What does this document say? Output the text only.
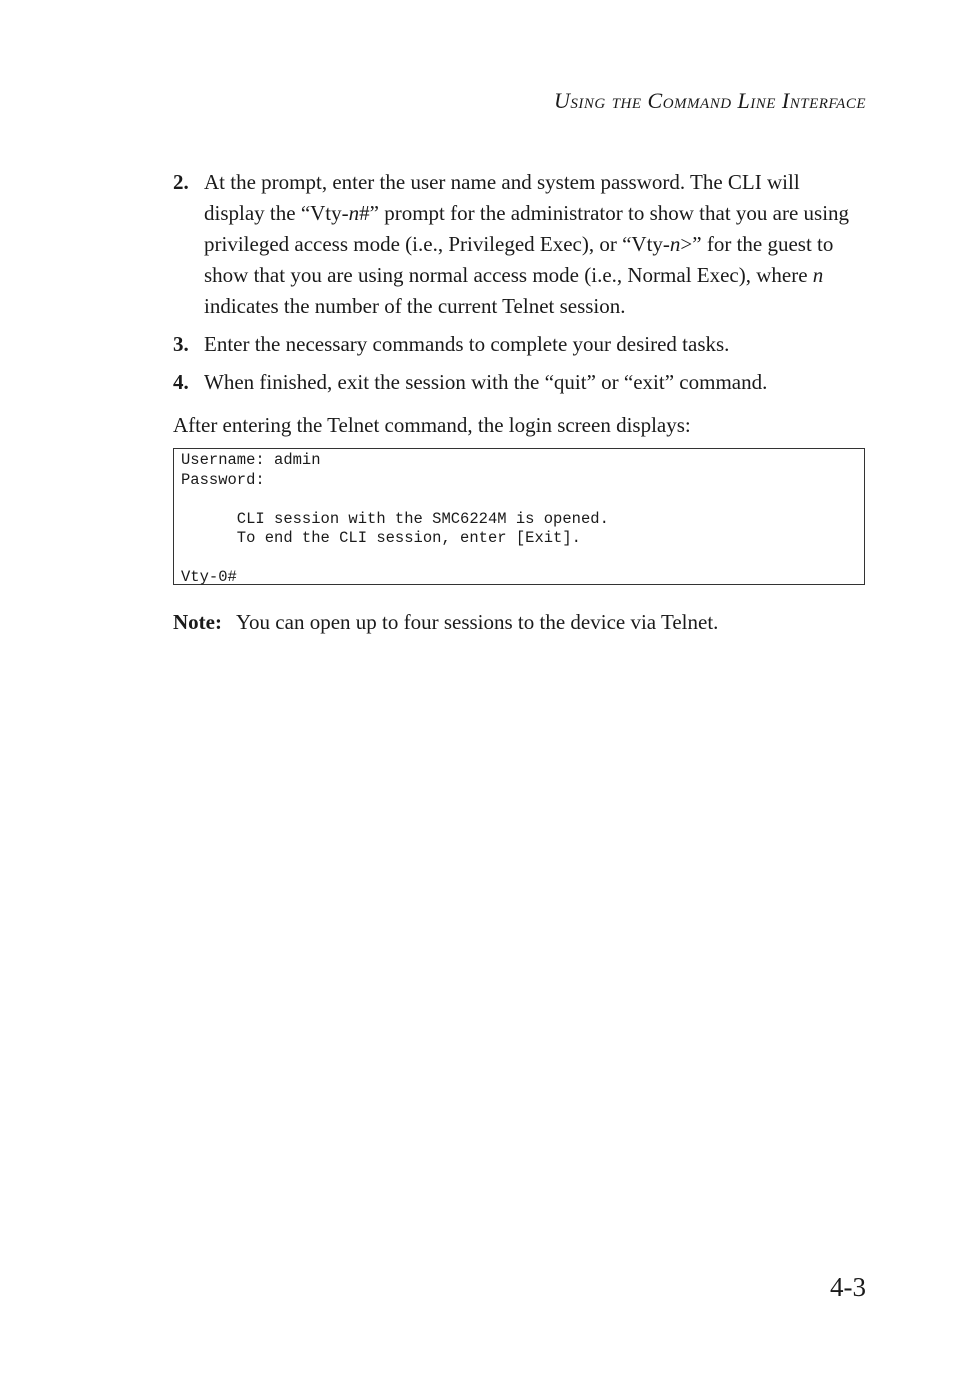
Using the Command Line Interface
2. At the prompt, enter the user name and system password. The CLI will display the “Vty-n#” prompt for the administrator to show that you are using privileged access mode (i.e., Privileged Exec), or “Vty-n>” for the guest to show that you are using normal access mode (i.e., Normal Exec), where n indicates the number of the current Telnet session.
3. Enter the necessary commands to complete your desired tasks.
4. When finished, exit the session with the “quit” or “exit” command.
After entering the Telnet command, the login screen displays:
Username: admin
Password:

CLI session with the SMC6224M is opened.
To end the CLI session, enter [Exit].

Vty-0#
Note: You can open up to four sessions to the device via Telnet.
4-3
